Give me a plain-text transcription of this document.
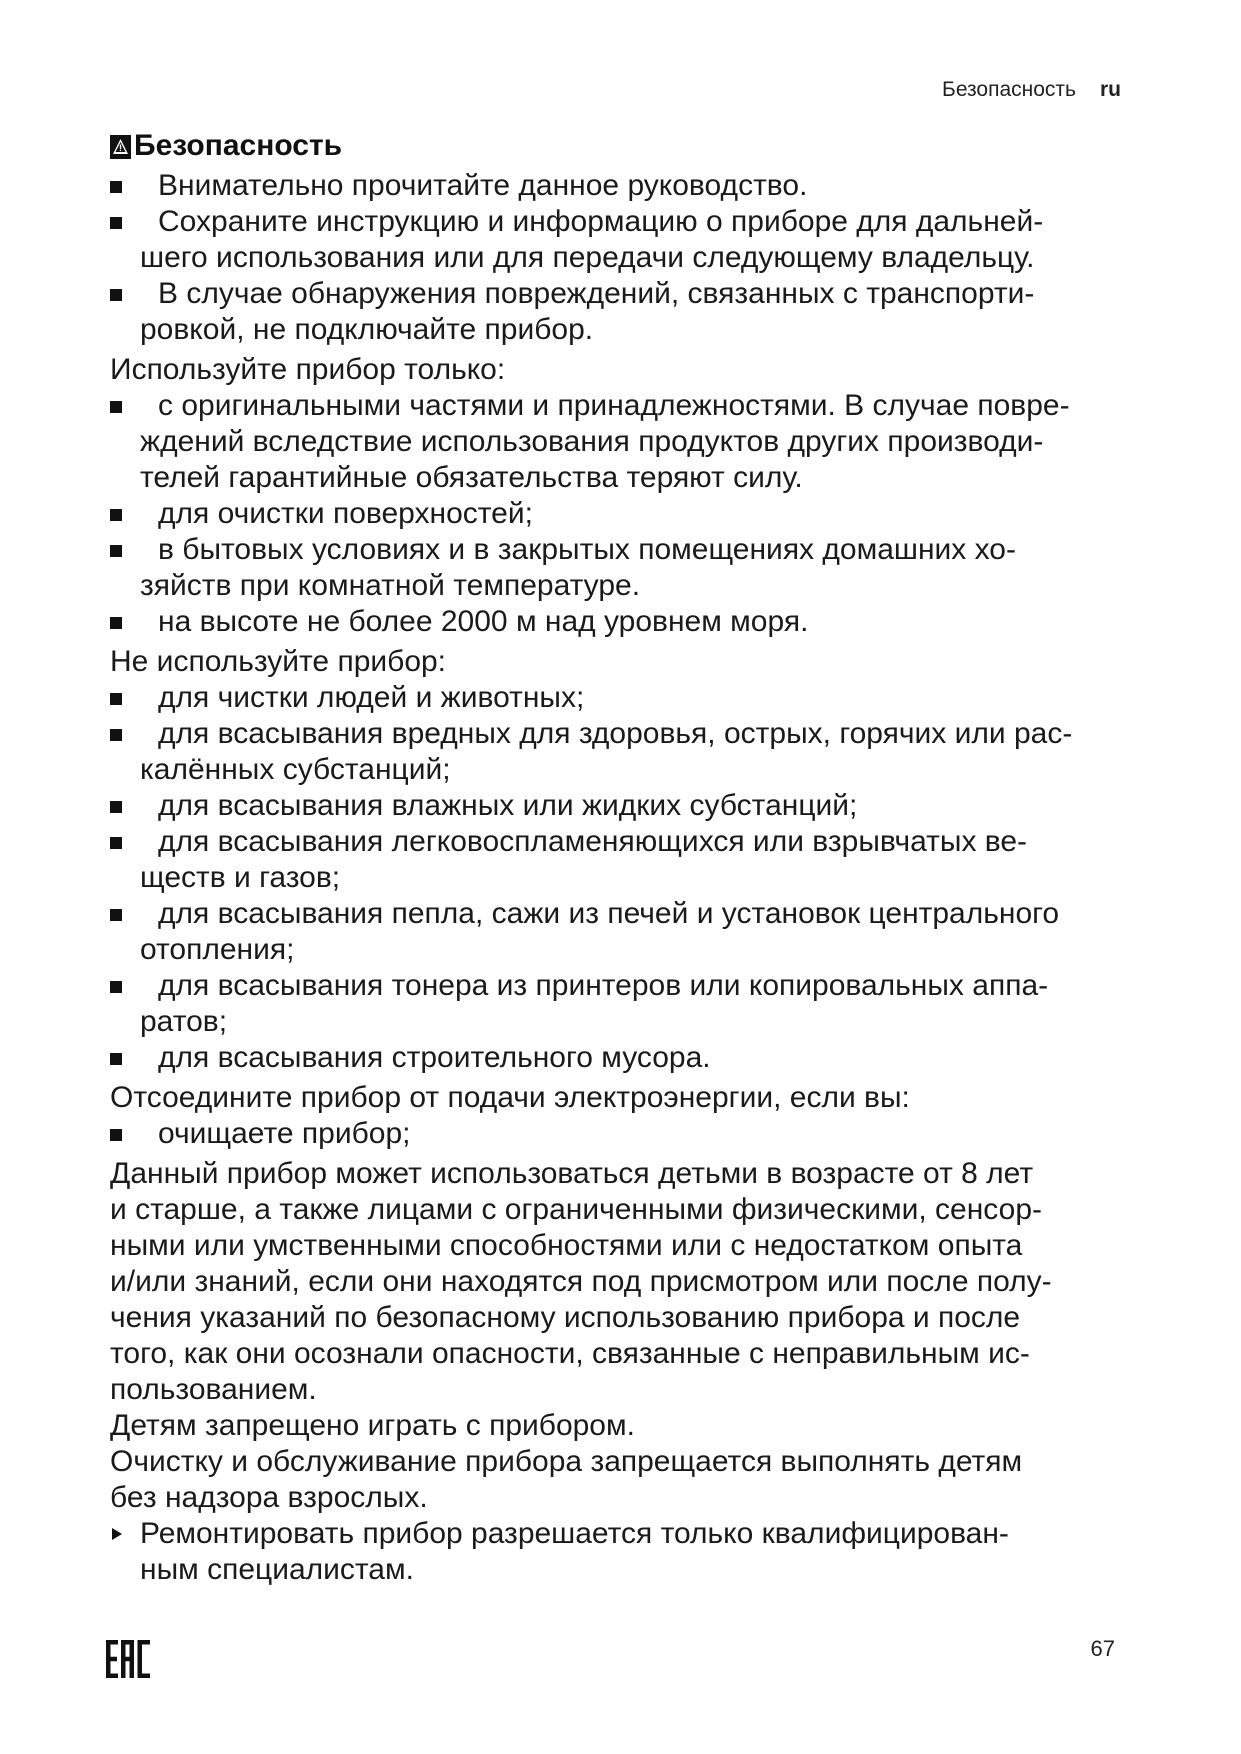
Безопасность ru
Безопасность
Внимательно прочитайте данное руководство.
Сохраните инструкцию и информацию о приборе для дальней-
шего использования или для передачи следующему владельцу.
В случае обнаружения повреждений, связанных с транспорти-
ровкой, не подключайте прибор.

Используйте прибор только:

с оригинальными частями и принадлежностями. В случае повре-
ждений вследствие использования продуктов других производи-
телей гарантийные обязательства теряют силу.
для очистки поверхностей;
в бытовых условиях и в закрытых помещениях домашних хо-
зяйств при комнатной температуре.
на высоте не более 2000 м над уровнем моря.

Не используйте прибор:

для чистки людей и животных;
для всасывания вредных для здоровья, острых, горячих или рас-
калённых субстанций;
для всасывания влажных или жидких субстанций;
для всасывания легковоспламеняющихся или взрывчатых ве-
ществ и газов;
для всасывания пепла, сажи из печей и установок центрального
отопления;
для всасывания тонера из принтеров или копировальных аппа-
ратов;
для всасывания строительного мусора.

Отсоедините прибор от подачи электроэнергии, если вы:

очищаете прибор;

Данный прибор может использоваться детьми в возрасте от 8 лет
и старше, а также лицами с ограниченными физическими, сенсор-
ными или умственными способностями или с недостатком опыта
и/или знаний, если они находятся под присмотром или после полу-
чения указаний по безопасному использованию прибора и после
того, как они осознали опасности, связанные с неправильным ис-
пользованием.

Детям запрещено играть с прибором.

Очистку и обслуживание прибора запрещается выполнять детям
без надзора взрослых.

Ремонтировать прибор разрешается только квалифицирован-
ным специалистам.

67
